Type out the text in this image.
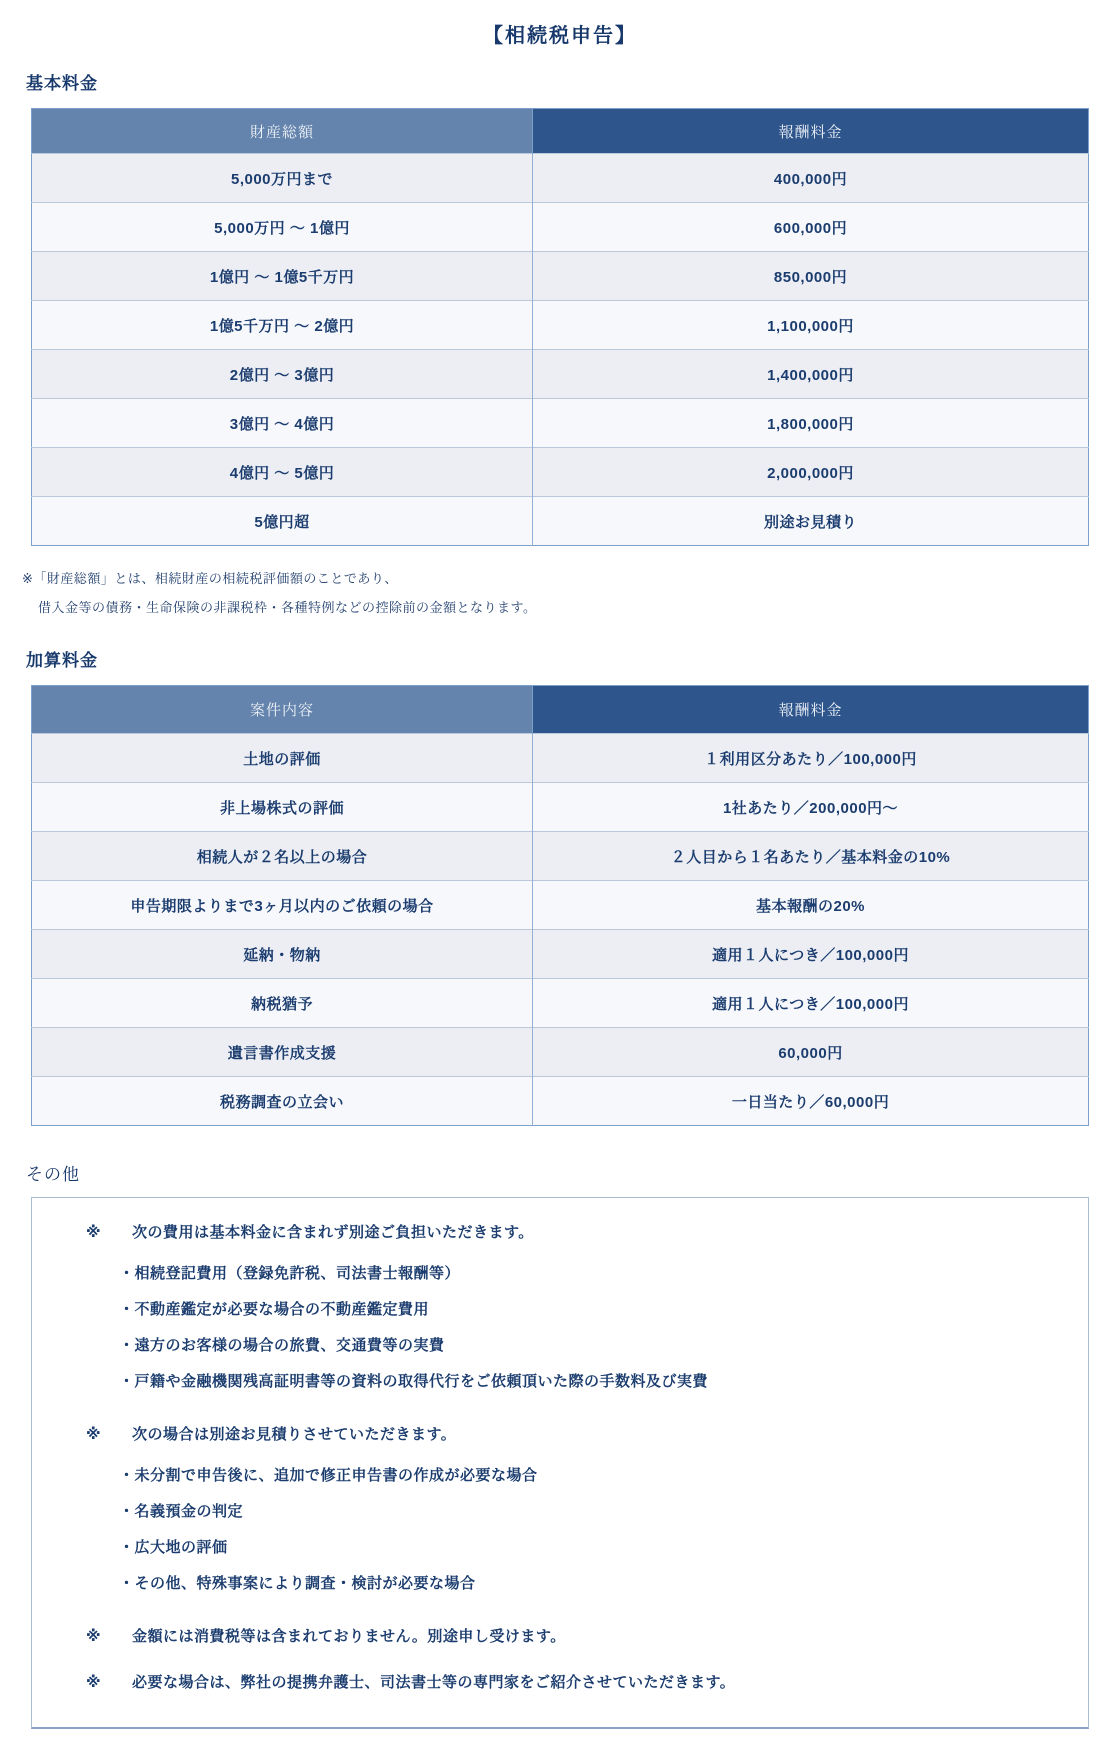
【相続税申告】
基本料金
財産総額	報酬料金
5,000万円まで	400,000円
5,000万円 ～ 1億円	600,000円
1億円 ～ 1億5千万円	850,000円
1億5千万円 ～ 2億円	1,100,000円
2億円 ～ 3億円	1,400,000円
3億円 ～ 4億円	1,800,000円
4億円 ～ 5億円	2,000,000円
5億円超	別途お見積り

※「財産総額」とは、相続財産の相続税評価額のことであり、
借入金等の債務・生命保険の非課税枠・各種特例などの控除前の金額となります。

加算料金
案件内容	報酬料金
土地の評価	１利用区分あたり／100,000円
非上場株式の評価	1社あたり／200,000円～
相続人が２名以上の場合	２人目から１名あたり／基本料金の10%
申告期限よりまで3ヶ月以内のご依頼の場合	基本報酬の20%
延納・物納	適用１人につき／100,000円
納税猶予	適用１人につき／100,000円
遺言書作成支援	60,000円
税務調査の立会い	一日当たり／60,000円
その他

※ 次の費用は基本料金に含まれず別途ご負担いただきます。

・相続登記費用（登録免許税、司法書士報酬等）
・不動産鑑定が必要な場合の不動産鑑定費用
・遠方のお客様の場合の旅費、交通費等の実費
・戸籍や金融機関残高証明書等の資料の取得代行をご依頼頂いた際の手数料及び実費

※ 次の場合は別途お見積りさせていただきます。

・未分割で申告後に、追加で修正申告書の作成が必要な場合
・名義預金の判定
・広大地の評価
・その他、特殊事案により調査・検討が必要な場合

※ 金額には消費税等は含まれておりません。別途申し受けます。

※ 必要な場合は、弊社の提携弁護士、司法書士等の専門家をご紹介させていただきます。
